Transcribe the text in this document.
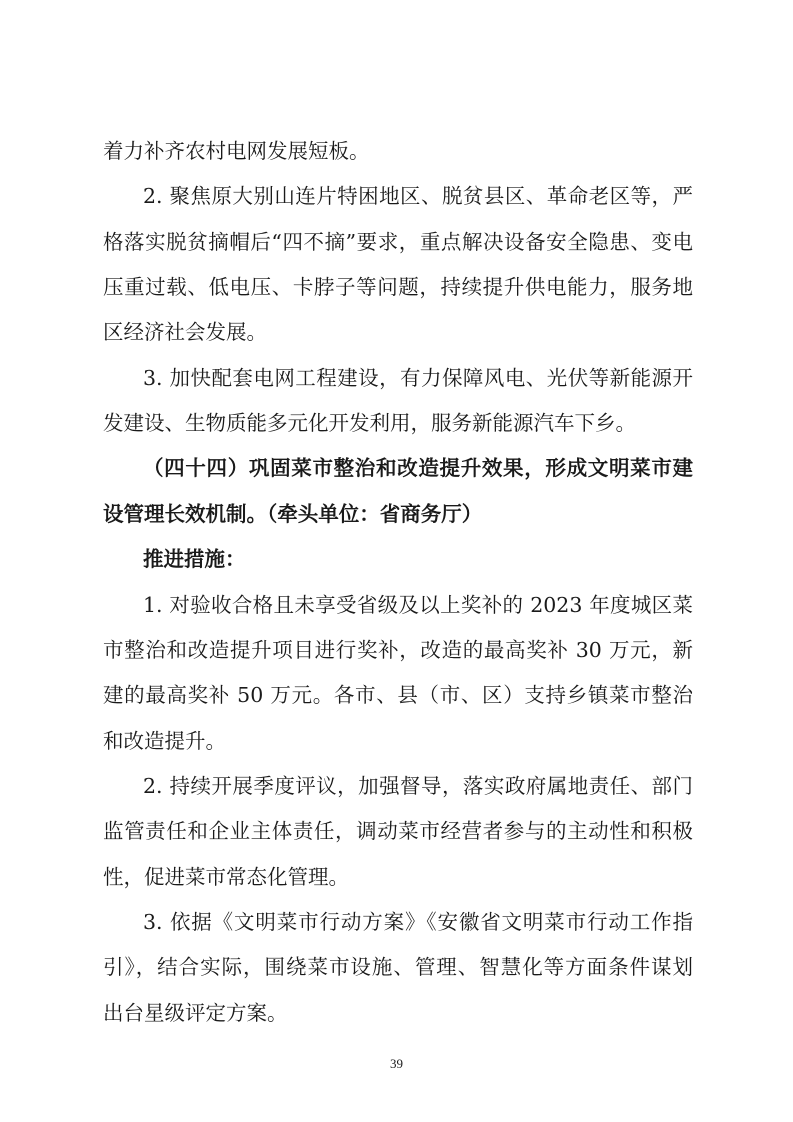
着力补齐农村电网发展短板。
2. 聚焦原大别山连片特困地区、脱贫县区、革命老区等，严
格落实脱贫摘帽后“四不摘”要求，重点解决设备安全隐患、变电
压重过载、低电压、卡脖子等问题，持续提升供电能力，服务地
区经济社会发展。
3. 加快配套电网工程建设，有力保障风电、光伏等新能源开
发建设、生物质能多元化开发利用，服务新能源汽车下乡。
（四十四）巩固菜市整治和改造提升效果，形成文明菜市建
设管理长效机制。（牵头单位：省商务厅）
推进措施：
1. 对验收合格且未享受省级及以上奖补的 2023 年度城区菜
市整治和改造提升项目进行奖补，改造的最高奖补 30 万元，新
建的最高奖补 50 万元。各市、县（市、区）支持乡镇菜市整治
和改造提升。
2. 持续开展季度评议，加强督导，落实政府属地责任、部门
监管责任和企业主体责任，调动菜市经营者参与的主动性和积极
性，促进菜市常态化管理。
3. 依据《文明菜市行动方案》《安徽省文明菜市行动工作指
引》，结合实际，围绕菜市设施、管理、智慧化等方面条件谋划
出台星级评定方案。
39
